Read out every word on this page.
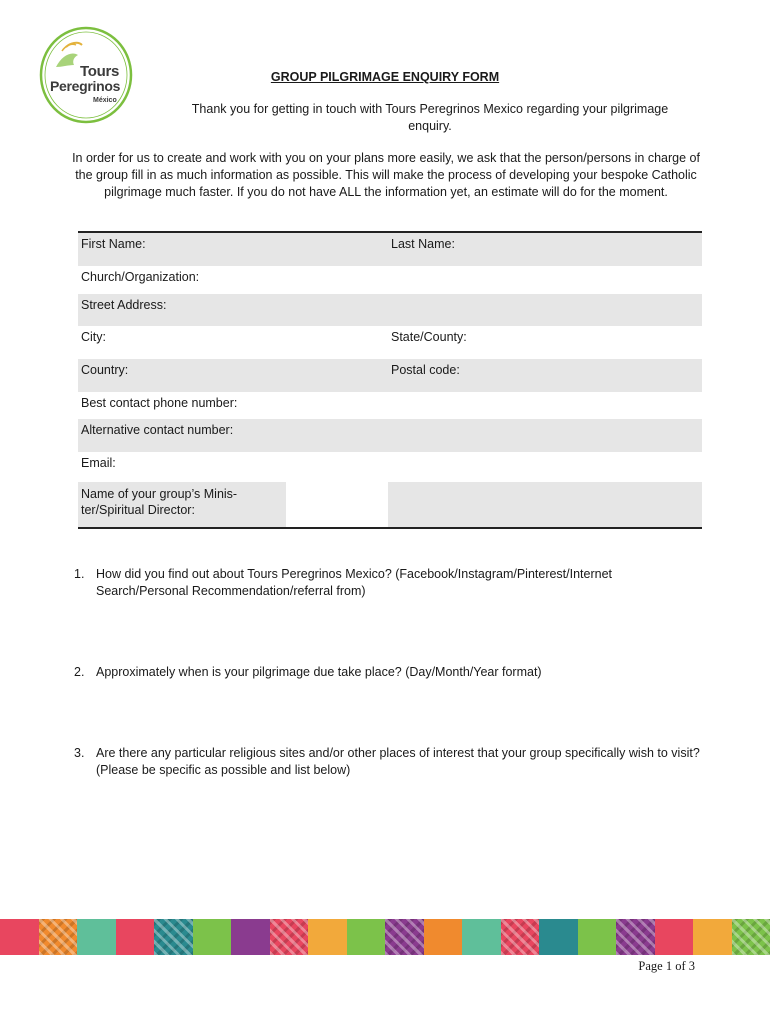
Tours
Peregrinos
México
GROUP PILGRIMAGE ENQUIRY FORM
Thank you for getting in touch with Tours Peregrinos Mexico regarding your pilgrimage enquiry.
In order for us to create and work with you on your plans more easily, we ask that the person/persons in charge of the group fill in as much information as possible. This will make the process of developing your bespoke Catholic pilgrimage much faster. If you do not have ALL the information yet, an estimate will do for the moment.
First Name:	Last Name:
Church/Organization:
Street Address:
City:	State/County:
Country:	Postal code:
Best contact phone number:
Alternative contact number:
Email:
Name of your group’s Minis-ter/Spiritual Director:
1. How did you find out about Tours Peregrinos Mexico? (Facebook/Instagram/Pinterest/Internet Search/Personal Recommendation/referral from)
2. Approximately when is your pilgrimage due take place? (Day/Month/Year format)
3. Are there any particular religious sites and/or other places of interest that your group specifically wish to visit? (Please be specific as possible and list below)
Page 1 of 3
